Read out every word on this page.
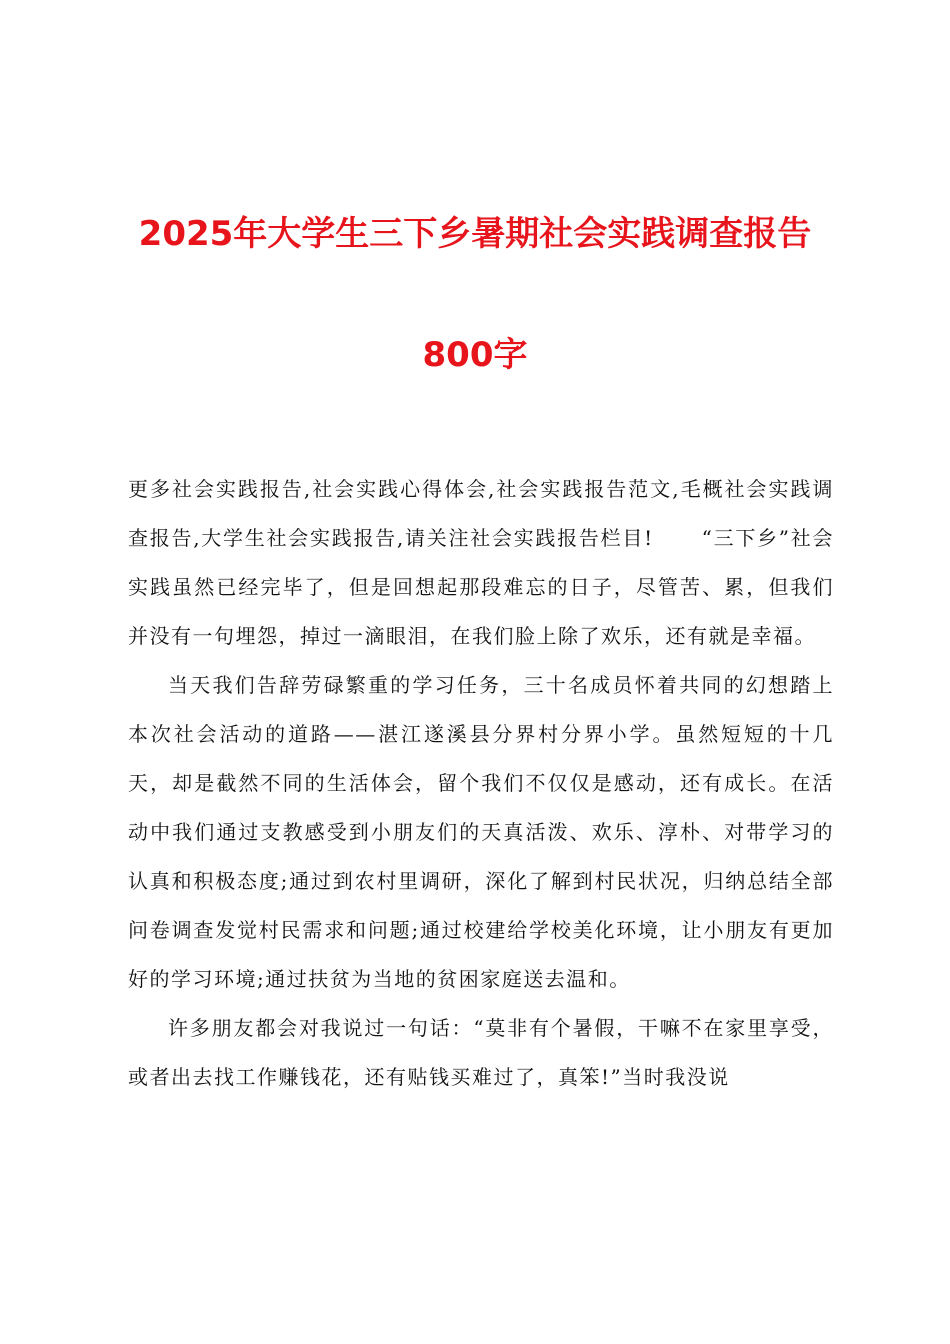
2025年大学生三下乡暑期社会实践调查报告
800字

更多社会实践报告,社会实践心得体会,社会实践报告范文,毛概社会实践调查报告,大学生社会实践报告,请关注社会实践报告栏目! “三下乡”社会实践虽然已经完毕了，但是回想起那段难忘的日子，尽管苦、累，但我们并没有一句埋怨，掉过一滴眼泪，在我们脸上除了欢乐，还有就是幸福。

当天我们告辞劳碌繁重的学习任务，三十名成员怀着共同的幻想踏上本次社会活动的道路——湛江遂溪县分界村分界小学。虽然短短的十几天，却是截然不同的生活体会，留个我们不仅仅是感动，还有成长。在活动中我们通过支教感受到小朋友们的天真活泼、欢乐、淳朴、对带学习的认真和积极态度;通过到农村里调研，深化了解到村民状况，归纳总结全部问卷调查发觉村民需求和问题;通过校建给学校美化环境，让小朋友有更加好的学习环境;通过扶贫为当地的贫困家庭送去温和。

许多朋友都会对我说过一句话：“莫非有个暑假，干嘛不在家里享受，或者出去找工作赚钱花，还有贴钱买难过了，真笨!”当时我没说
